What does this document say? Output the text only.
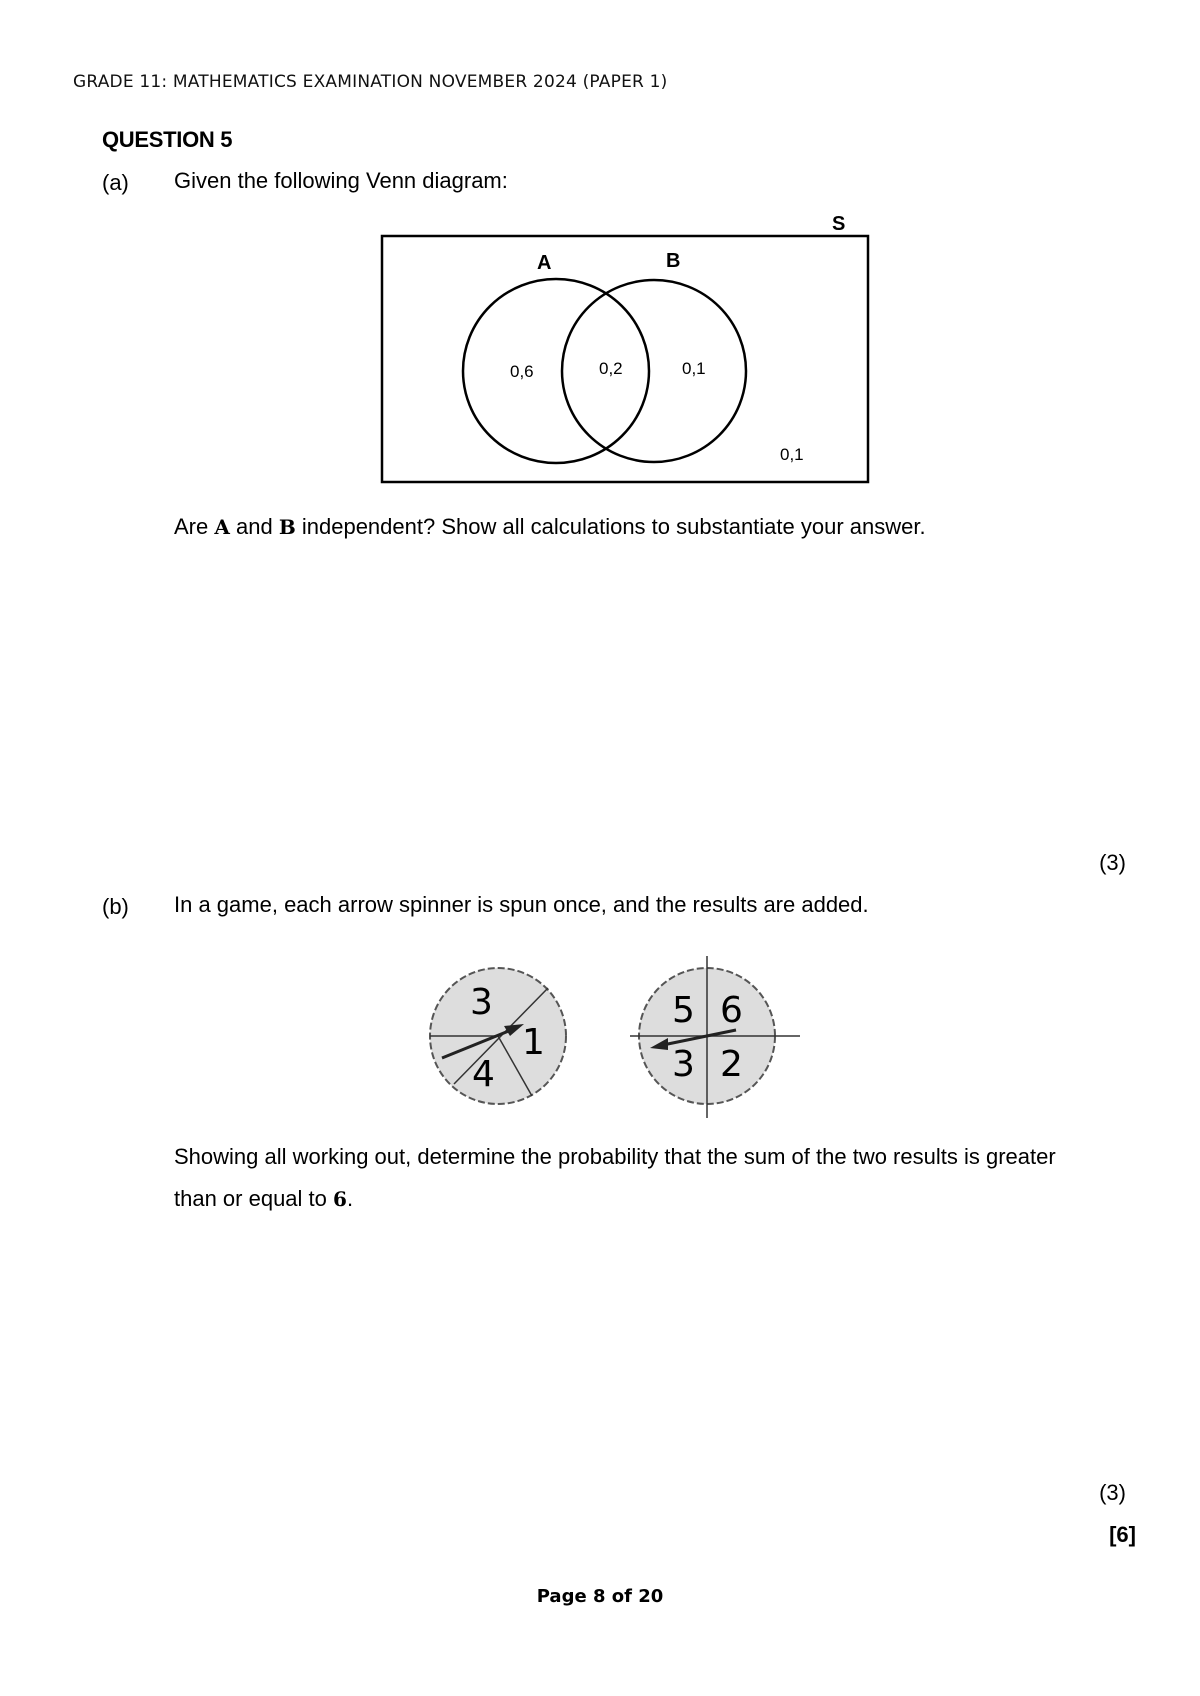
GRADE 11: MATHEMATICS EXAMINATION NOVEMBER 2024 (PAPER 1)
QUESTION 5
(a) Given the following Venn diagram:
S
A	B
0,6	0,2	0,1
0,1
Are A and B independent? Show all calculations to substantiate your answer.
(3)
(b) In a game, each arrow spinner is spun once, and the results are added.
3
1
4
5 6
3 2
Showing all working out, determine the probability that the sum of the two results is greater
than or equal to 6.
(3)
[6]
Page 8 of 20
